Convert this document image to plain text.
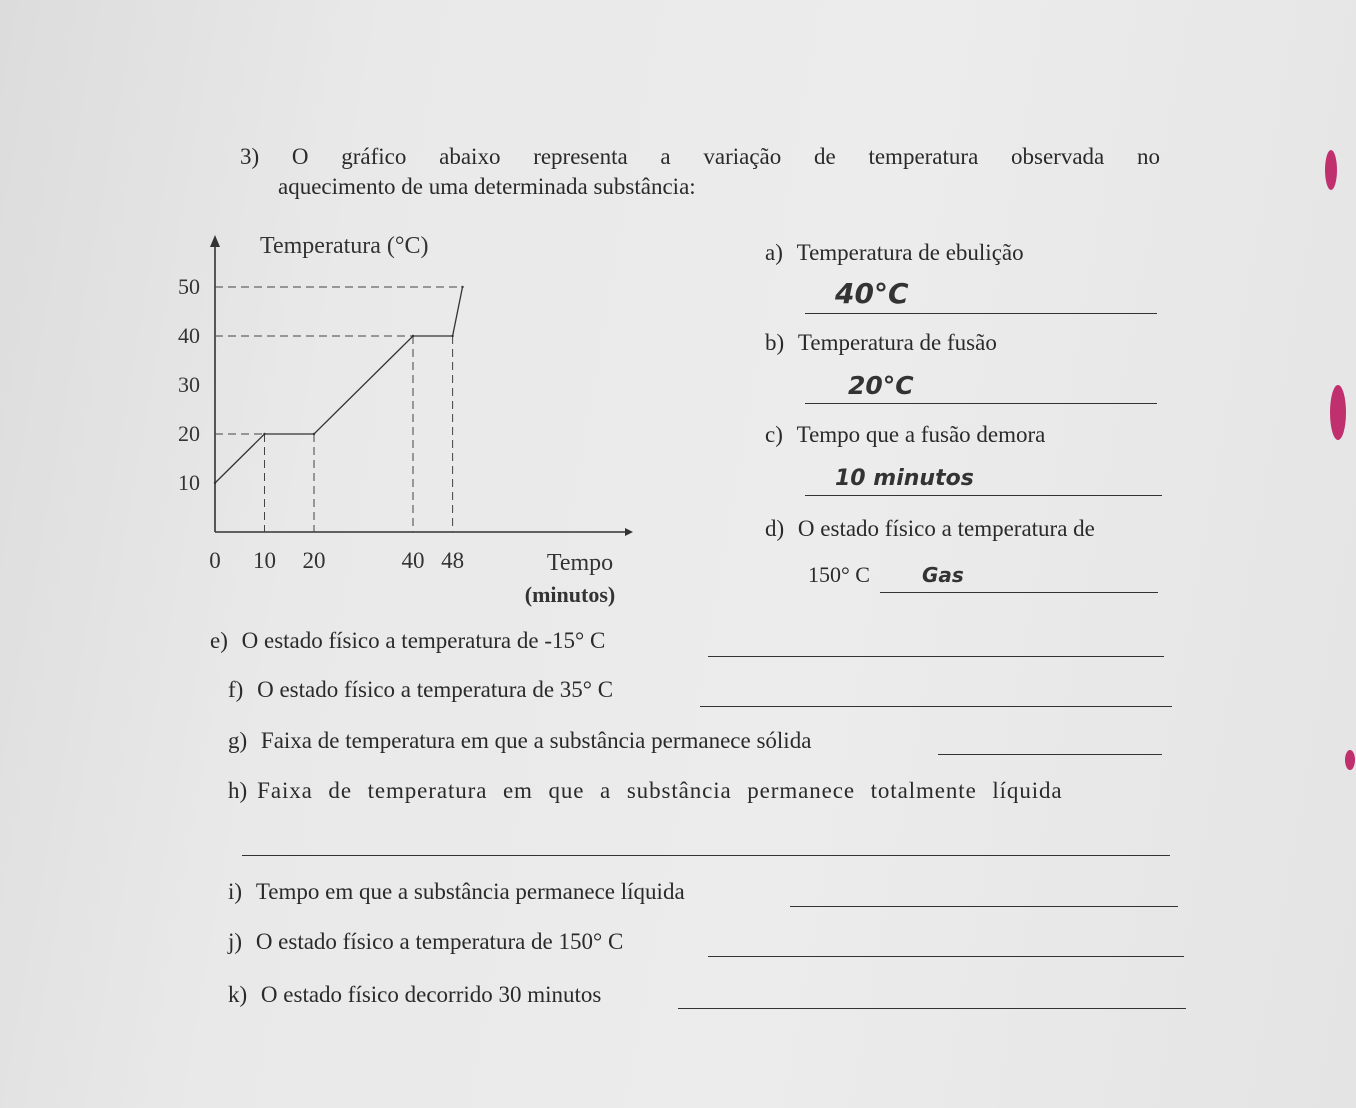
3) O gráfico abaixo representa a variação de temperatura observada no
aquecimento de uma determinada substância:
50
40
30
20
10
0 10 20	40 48
Temperatura (°C)
Tempo
(minutos)
a) Temperatura de ebulição
40°C
b) Temperatura de fusão
20°C
c) Tempo que a fusão demora
10 minutos
d) O estado físico a temperatura de
150° C	Gas
e) O estado físico a temperatura de -15° C
f) O estado físico a temperatura de 35° C
g) Faixa de temperatura em que a substância permanece sólida
h) Faixa de temperatura em que a substância permanece totalmente líquida
i) Tempo em que a substância permanece líquida
j) O estado físico a temperatura de 150° C
k) O estado físico decorrido 30 minutos
